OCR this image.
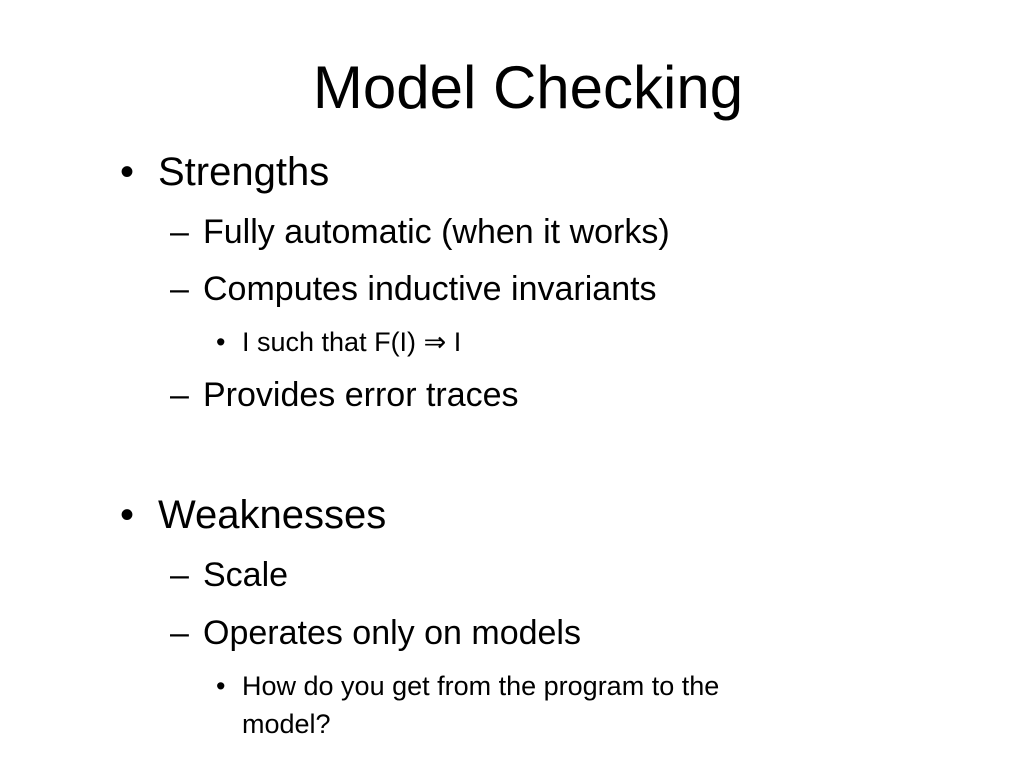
Model Checking
• Strengths
– Fully automatic (when it works)
– Computes inductive invariants
• I such that F(I) ⇒ I
– Provides error traces
• Weaknesses
– Scale
– Operates only on models
• How do you get from the program to the
model?
